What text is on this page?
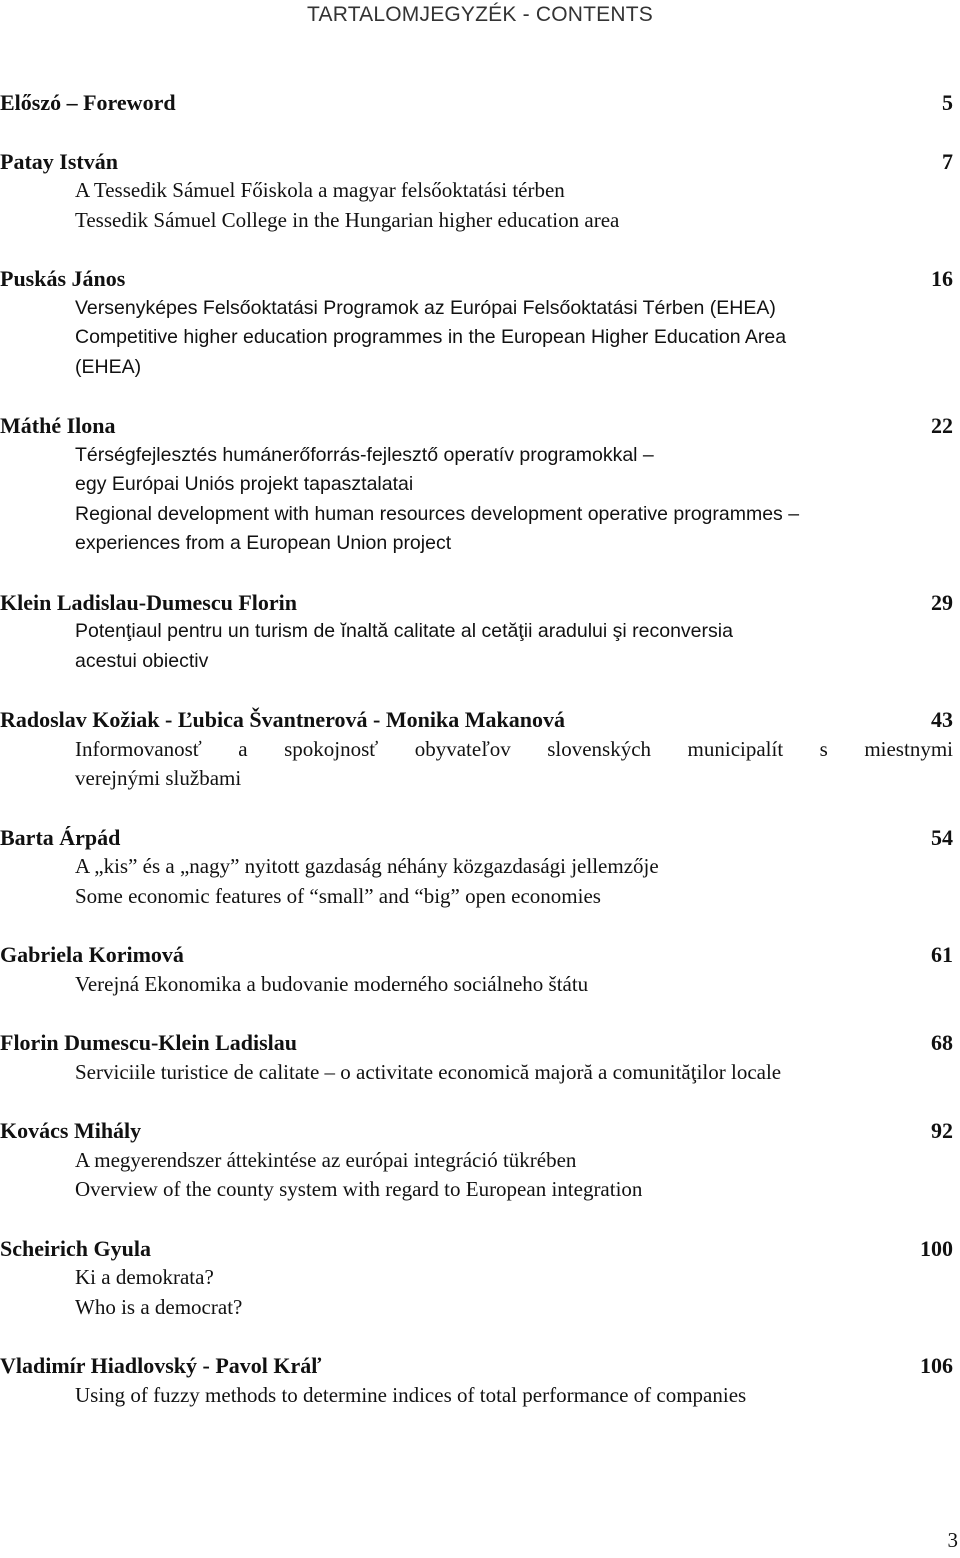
TARTALOMJEGYZÉK - CONTENTS
Előszó – Foreword	5
Patay István	7
A Tessedik Sámuel Főiskola a magyar felsőoktatási térben
Tessedik Sámuel College in the Hungarian higher education area
Puskás János	16
Versenyképes Felsőoktatási Programok az Európai Felsőoktatási Térben (EHEA)
Competitive higher education programmes in the European Higher Education Area
(EHEA)
Máthé Ilona	22
Térségfejlesztés humánerőforrás-fejlesztő operatív programokkal –
egy Európai Uniós projekt tapasztalatai
Regional development with human resources development operative programmes –
experiences from a European Union project
Klein Ladislau-Dumescu Florin	29
Potenţiaul pentru un turism de ĭnaltă calitate al cetăţii aradului şi reconversia
acestui obiectiv
Radoslav Kožiak - Ľubica Švantnerová - Monika Makanová	43
Informovanosť a spokojnosť obyvateľov slovenských municipalít s miestnymi
verejnými službami
Barta Árpád	54
A „kis” és a „nagy” nyitott gazdaság néhány közgazdasági jellemzője
Some economic features of “small” and “big” open economies
Gabriela Korimová	61
Verejná Ekonomika a budovanie moderného sociálneho štátu
Florin Dumescu-Klein Ladislau	68
Serviciile turistice de calitate – o activitate economică majoră a comunităţilor locale
Kovács Mihály	92
A megyerendszer áttekintése az európai integráció tükrében
Overview of the county system with regard to European integration
Scheirich Gyula	100
Ki a demokrata?
Who is a democrat?
Vladimír Hiadlovský - Pavol Kráľ	106
Using of fuzzy methods to determine indices of total performance of companies
3
